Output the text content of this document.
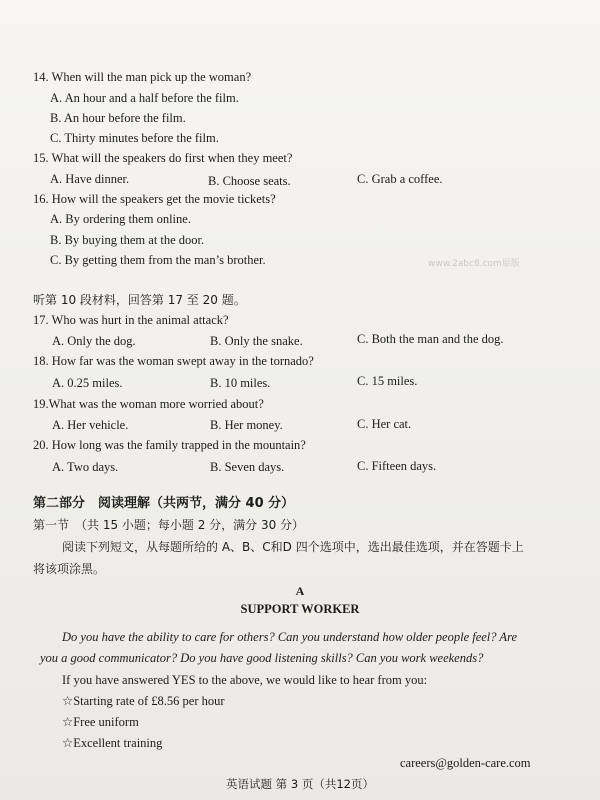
14. When will the man pick up the woman?
A. An hour and a half before the film.
B. An hour before the film.
C. Thirty minutes before the film.
15. What will the speakers do first when they meet?
A. Have dinner.	B. Choose seats.	C. Grab a coffee.
16. How will the speakers get the movie tickets?
A. By ordering them online.
B. By buying them at the door.
C. By getting them from the man’s brother.	www.2abc8.com原版
听第 10 段材料，回答第 17 至 20 题。
17. Who was hurt in the animal attack?
A. Only the dog.	B. Only the snake.	C. Both the man and the dog.
18. How far was the woman swept away in the tornado?
A. 0.25 miles.	B. 10 miles.	C. 15 miles.
19.What was the woman more worried about?
A. Her vehicle.	B. Her money.	C. Her cat.
20. How long was the family trapped in the mountain?
A. Two days.	B. Seven days.	C. Fifteen days.
第二部分　阅读理解（共两节，满分 40 分）
第一节　（共 15 小题；每小题 2 分，满分 30 分）
阅读下列短文，从每题所给的 A、B、C和D 四个选项中，选出最佳选项，并在答题卡上
将该项涂黑。
A
SUPPORT WORKER
Do you have the ability to care for others? Can you understand how older people feel? Are
you a good communicator? Do you have good listening skills? Can you work weekends?
If you have answered YES to the above, we would like to hear from you:
☆Starting rate of £8.56 per hour
☆Free uniform
☆Excellent training
careers@golden-care.com
英语试题 第 3 页（共12页）
